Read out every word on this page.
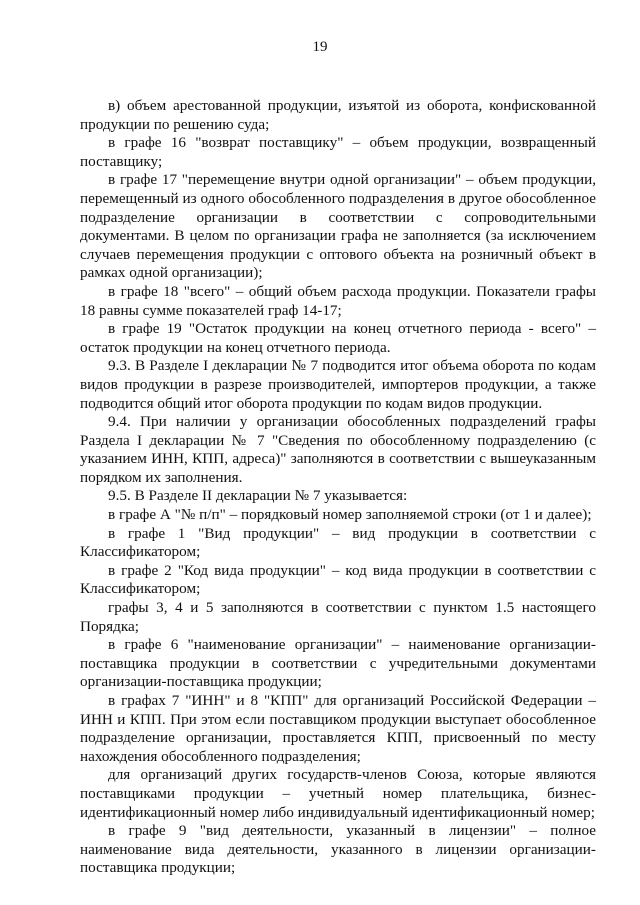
19

в) объем арестованной продукции, изъятой из оборота, конфискованной продукции по решению суда;

в графе 16 "возврат поставщику" – объем продукции, возвращенный поставщику;

в графе 17 "перемещение внутри одной организации" – объем продукции, перемещенный из одного обособленного подразделения в другое обособленное подразделение организации в соответствии с сопроводительными документами. В целом по организации графа не заполняется (за исключением случаев перемещения продукции с оптового объекта на розничный объект в рамках одной организации);

в графе 18 "всего" – общий объем расхода продукции. Показатели графы 18 равны сумме показателей граф 14-17;

в графе 19 "Остаток продукции на конец отчетного периода - всего" – остаток продукции на конец отчетного периода.

9.3. В Разделе I декларации № 7 подводится итог объема оборота по кодам видов продукции в разрезе производителей, импортеров продукции, а также подводится общий итог оборота продукции по кодам видов продукции.

9.4. При наличии у организации обособленных подразделений графы Раздела I декларации № 7 "Сведения по обособленному подразделению (с указанием ИНН, КПП, адреса)" заполняются в соответствии с вышеуказанным порядком их заполнения.

9.5. В Разделе II декларации № 7 указывается:

в графе А "№ п/п" – порядковый номер заполняемой строки (от 1 и далее);

в графе 1 "Вид продукции" – вид продукции в соответствии с Классификатором;

в графе 2 "Код вида продукции" – код вида продукции в соответствии с Классификатором;

графы 3, 4 и 5 заполняются в соответствии с пунктом 1.5 настоящего Порядка;

в графе 6 "наименование организации" – наименование организации-поставщика продукции в соответствии с учредительными документами организации-поставщика продукции;

в графах 7 "ИНН" и 8 "КПП" для организаций Российской Федерации – ИНН и КПП. При этом если поставщиком продукции выступает обособленное подразделение организации, проставляется КПП, присвоенный по месту нахождения обособленного подразделения;

для организаций других государств-членов Союза, которые являются поставщиками продукции – учетный номер плательщика, бизнес-идентификационный номер либо индивидуальный идентификационный номер;

в графе 9 "вид деятельности, указанный в лицензии" – полное наименование вида деятельности, указанного в лицензии организации-поставщика продукции;
